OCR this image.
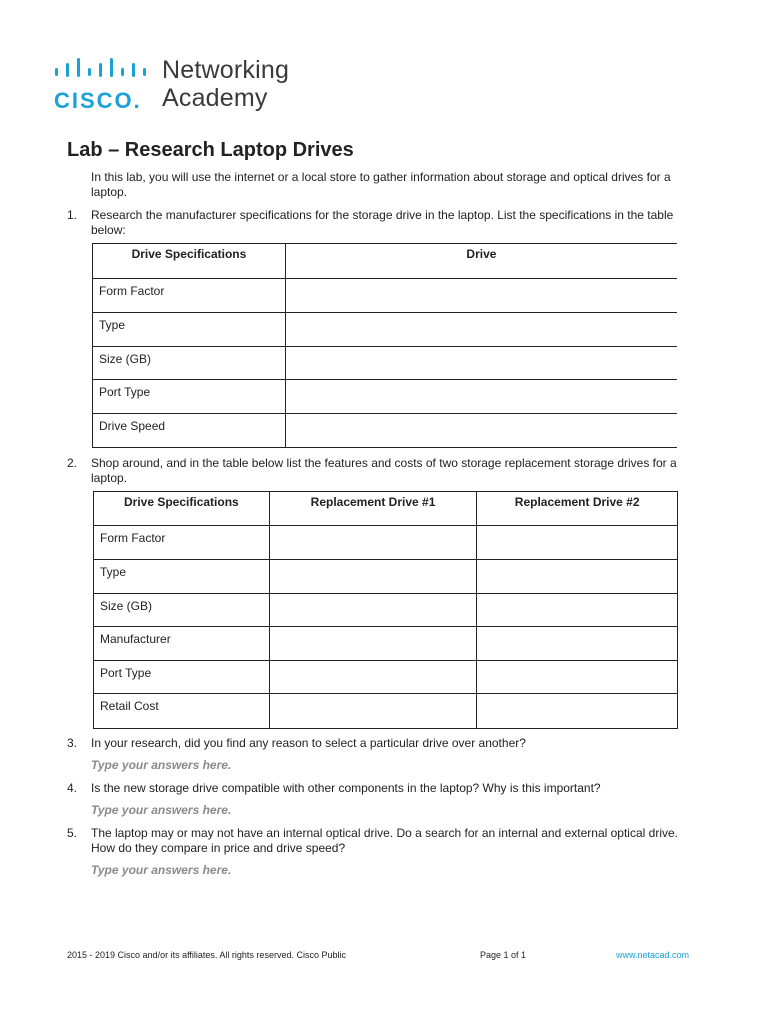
CISCO.
Networking
Academy
Lab – Research Laptop Drives
In this lab, you will use the internet or a local store to gather information about storage and optical drives for a laptop.
1. Research the manufacturer specifications for the storage drive in the laptop. List the specifications in the table below:
Drive Specifications	Drive
Form Factor	
Type	
Size (GB)	
Port Type	
Drive Speed	
2. Shop around, and in the table below list the features and costs of two storage replacement storage drives for a laptop.
Drive Specifications	Replacement Drive #1	Replacement Drive #2
Form Factor		
Type		
Size (GB)		
Manufacturer		
Port Type		
Retail Cost		
3. In your research, did you find any reason to select a particular drive over another?
Type your answers here.
4. Is the new storage drive compatible with other components in the laptop? Why is this important?
Type your answers here.
5. The laptop may or may not have an internal optical drive. Do a search for an internal and external optical drive. How do they compare in price and drive speed?
Type your answers here.
2015 - 2019 Cisco and/or its affiliates. All rights reserved. Cisco Public	Page 1 of 1	www.netacad.com
